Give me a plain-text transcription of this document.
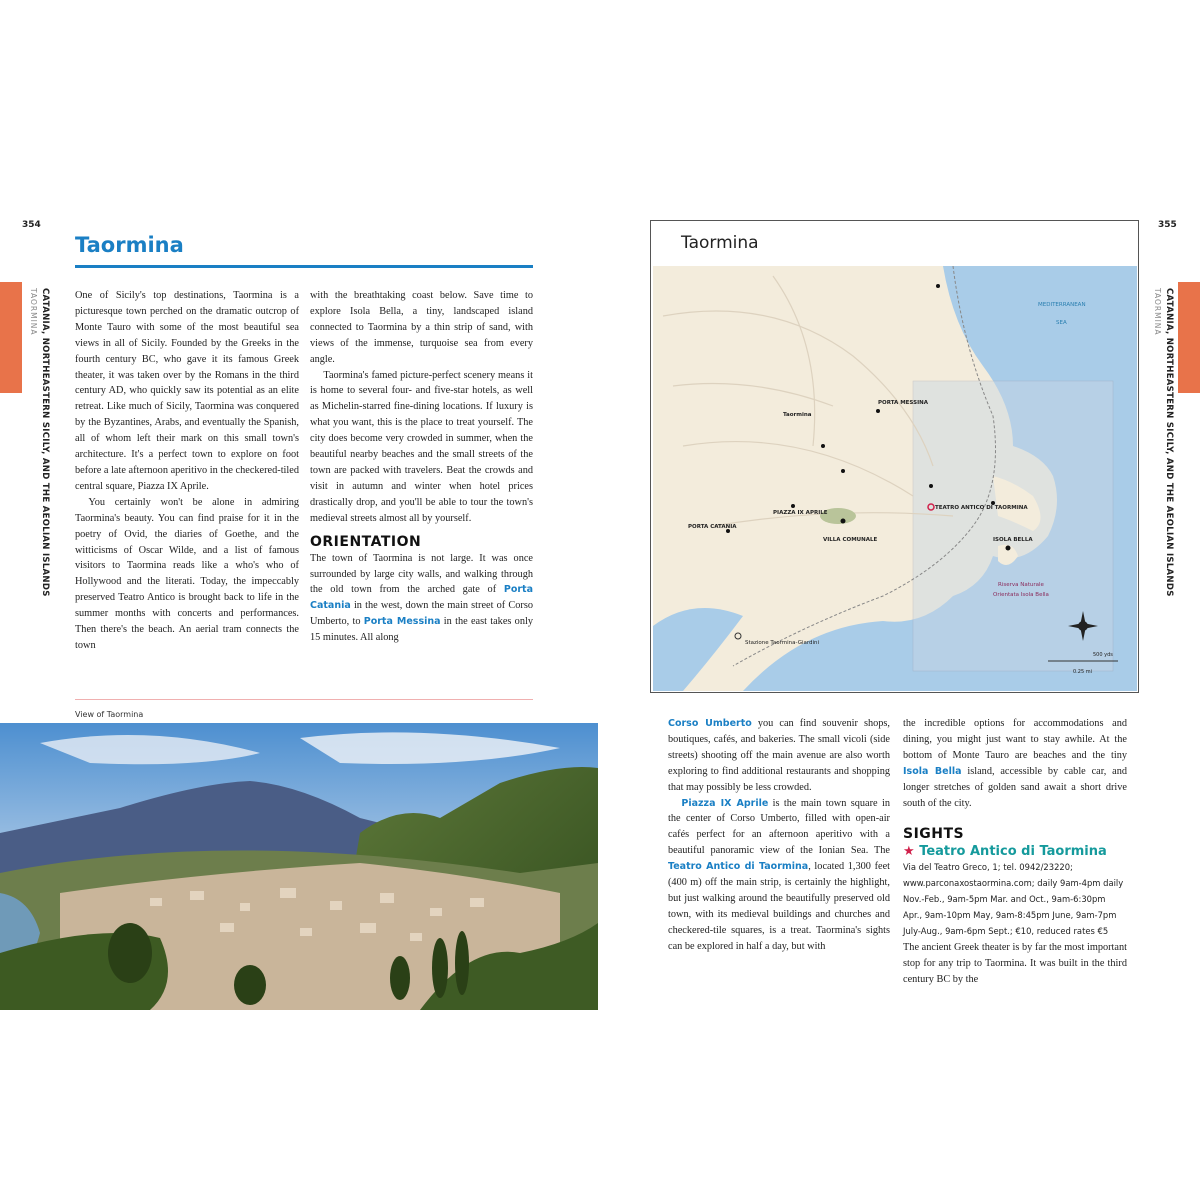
354
CATANIA, NORTHEASTERN SICILY, AND THE AEOLIAN ISLANDS
TAORMINA
Taormina

One of Sicily's top destinations, Taormina is a picturesque town perched on the dramatic outcrop of Monte Tauro with some of the most beautiful sea views in all of Sicily. Founded by the Greeks in the fourth century BC, who gave it its famous Greek theater, it was taken over by the Romans in the third century AD, who quickly saw its potential as an elite retreat. Like much of Sicily, Taormina was conquered by the Byzantines, Arabs, and eventually the Spanish, all of whom left their mark on this small town's architecture. It's a perfect town to explore on foot before a late afternoon aperitivo in the checkered-tiled central square, Piazza IX Aprile.

You certainly won't be alone in admiring Taormina's beauty. You can find praise for it in the poetry of Ovid, the diaries of Goethe, and the witticisms of Oscar Wilde, and a list of famous visitors to Taormina reads like a who's who of Hollywood and the literati. Today, the impeccably preserved Teatro Antico is brought back to life in the summer months with concerts and performances. Then there's the beach. An aerial tram connects the town

with the breathtaking coast below. Save time to explore Isola Bella, a tiny, landscaped island connected to Taormina by a thin strip of sand, with views of the immense, turquoise sea from every angle.

Taormina's famed picture-perfect scenery means it is home to several four- and five-star hotels, as well as Michelin-starred fine-dining locations. If luxury is what you want, this is the place to treat yourself. The city does become very crowded in summer, when the beautiful nearby beaches and the small streets of the town are packed with travelers. Beat the crowds and visit in autumn and winter when hotel prices drastically drop, and you'll be able to tour the town's medieval streets almost all by yourself.

ORIENTATION

The town of Taormina is not large. It was once surrounded by large city walls, and walking through the old town from the arched gate of Porta Catania in the west, down the main street of Corso Umberto, to Porta Messina in the east takes only 15 minutes. All along

View of Taormina
355
CATANIA, NORTHEASTERN SICILY, AND THE AEOLIAN ISLANDS
TAORMINA
Taormina
MEDITERRANEAN
SEA
Taormina
TEATRO ANTICO DI TAORMINA
PIAZZA IX APRILE
VILLA COMUNALE	ISOLA BELLA
PORTA CATANIA
PORTA MESSINA
Riserva Naturale
Orientata Isola Bella
Stazione Taormina-Giardini
500 yds
0.25 mi

Corso Umberto you can find souvenir shops, boutiques, cafés, and bakeries. The small vicoli (side streets) shooting off the main avenue are also worth exploring to find additional restaurants and shopping that may possibly be less crowded.

Piazza IX Aprile is the main town square in the center of Corso Umberto, filled with open-air cafés perfect for an afternoon aperitivo with a beautiful panoramic view of the Ionian Sea. The Teatro Antico di Taormina, located 1,300 feet (400 m) off the main strip, is certainly the highlight, but just walking around the beautifully preserved old town, with its medieval buildings and churches and checkered-tile squares, is a treat. Taormina's sights can be explored in half a day, but with

the incredible options for accommodations and dining, you might just want to stay awhile. At the bottom of Monte Tauro are beaches and the tiny Isola Bella island, accessible by cable car, and longer stretches of golden sand await a short drive south of the city.

SIGHTS
★ Teatro Antico di Taormina

Via del Teatro Greco, 1; tel. 0942/23220; www.parconaxostaormina.com; daily 9am-4pm daily Nov.-Feb., 9am-5pm Mar. and Oct., 9am-6:30pm Apr., 9am-10pm May, 9am-8:45pm June, 9am-7pm July-Aug., 9am-6pm Sept.; €10, reduced rates €5

The ancient Greek theater is by far the most important stop for any trip to Taormina. It was built in the third century BC by the
